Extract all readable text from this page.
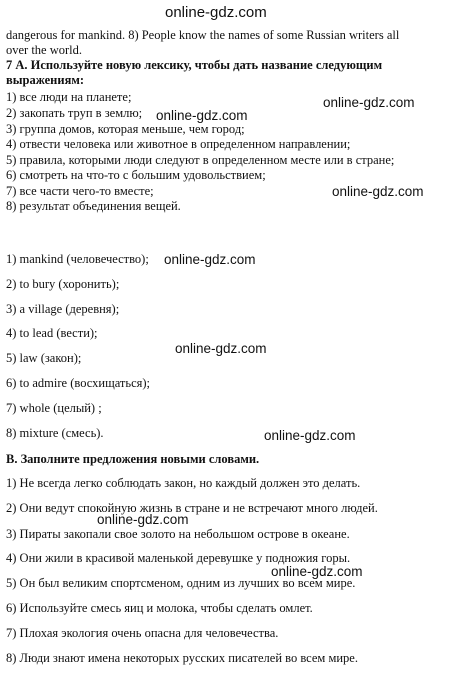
dangerous for mankind. 8) People know the names of some Russian writers all
over the world.
7 А. Используйте новую лексику, чтобы дать название следующим
выражениям:
1) все люди на планете;
2) закопать труп в землю;
3) группа домов, которая меньше, чем город;
4) отвести человека или животное в определенном направлении;
5) правила, которыми люди следуют в определенном месте или в стране;
6) смотреть на что-то с большим удовольствием;
7) все части чего-то вместе;
8) результат объединения вещей.
1) mankind (человечество);
2) to bury (хоронить);
3) a village (деревня);
4) to lead (вести);
5) law (закон);
6) to admire (восхищаться);
7) whole (целый) ;
8) mixture (смесь).
В. Заполните предложения новыми словами.
1) Не всегда легко соблюдать закон, но каждый должен это делать.
2) Они ведут спокойную жизнь в стране и не встречают много людей.
3) Пираты закопали свое золото на небольшом острове в океане.
4) Они жили в красивой маленькой деревушке у подножия горы.
5) Он был великим спортсменом, одним из лучших во всем мире.
6) Используйте смесь яиц и молока, чтобы сделать омлет.
7) Плохая экология очень опасна для человечества.
8) Люди знают имена некоторых русских писателей во всем мире.
online-gdz.com
online-gdz.com
online-gdz.com
online-gdz.com
online-gdz.com
online-gdz.com
online-gdz.com
online-gdz.com
online-gdz.com
